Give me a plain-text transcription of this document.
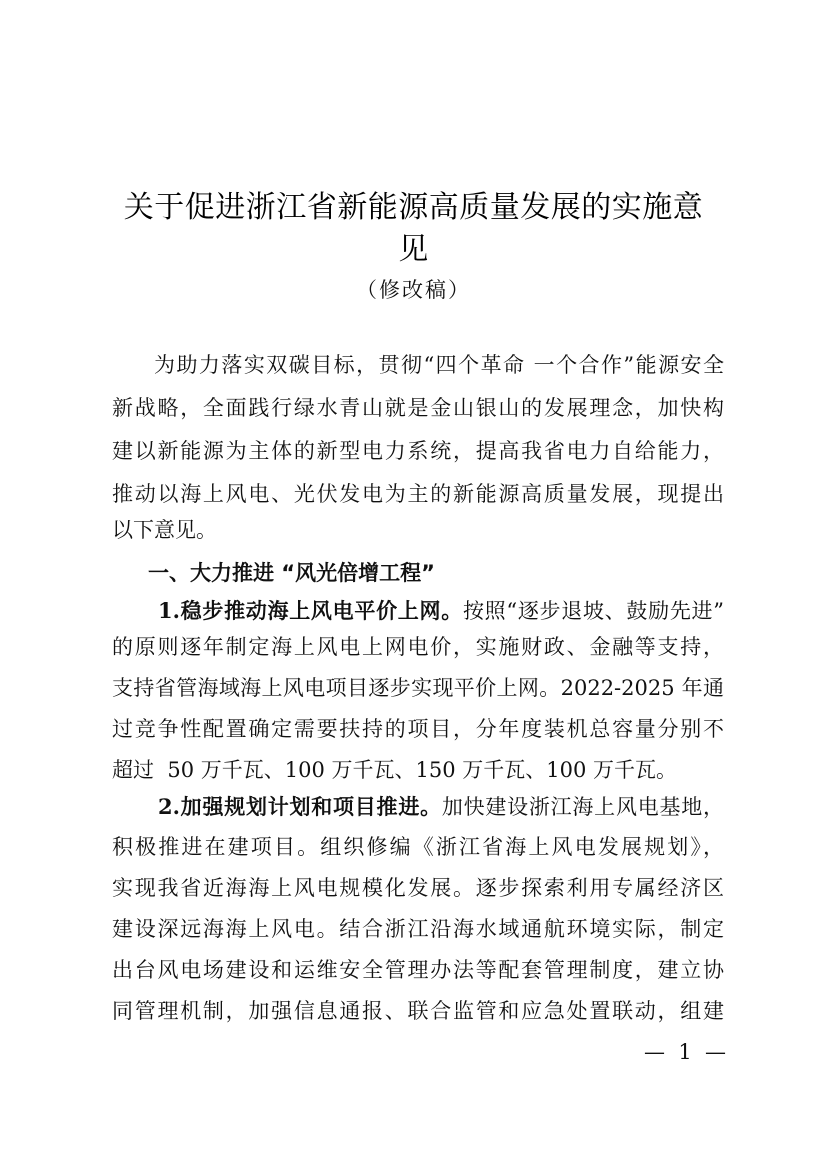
关于促进浙江省新能源高质量发展的实施意
见
（修改稿）
为助力落实双碳目标，贯彻“四个革命 一个合作”能源安全
新战略，全面践行绿水青山就是金山银山的发展理念，加快构
建以新能源为主体的新型电力系统，提高我省电力自给能力，
推动以海上风电、光伏发电为主的新能源高质量发展，现提出
以下意见。
一、大力推进 “风光倍增工程”
1.稳步推动海上风电平价上网。按照“逐步退坡、鼓励先进”
的原则逐年制定海上风电上网电价，实施财政、金融等支持，
支持省管海域海上风电项目逐步实现平价上网。2022-2025 年通
过竞争性配置确定需要扶持的项目，分年度装机总容量分别不
超过  50 万千瓦、100 万千瓦、150 万千瓦、100 万千瓦。
2.加强规划计划和项目推进。加快建设浙江海上风电基地，
积极推进在建项目。组织修编《浙江省海上风电发展规划》，
实现我省近海海上风电规模化发展。逐步探索利用专属经济区
建设深远海海上风电。结合浙江沿海水域通航环境实际，制定
出台风电场建设和运维安全管理办法等配套管理制度，建立协
同管理机制，加强信息通报、联合监管和应急处置联动，组建
—  1  —
